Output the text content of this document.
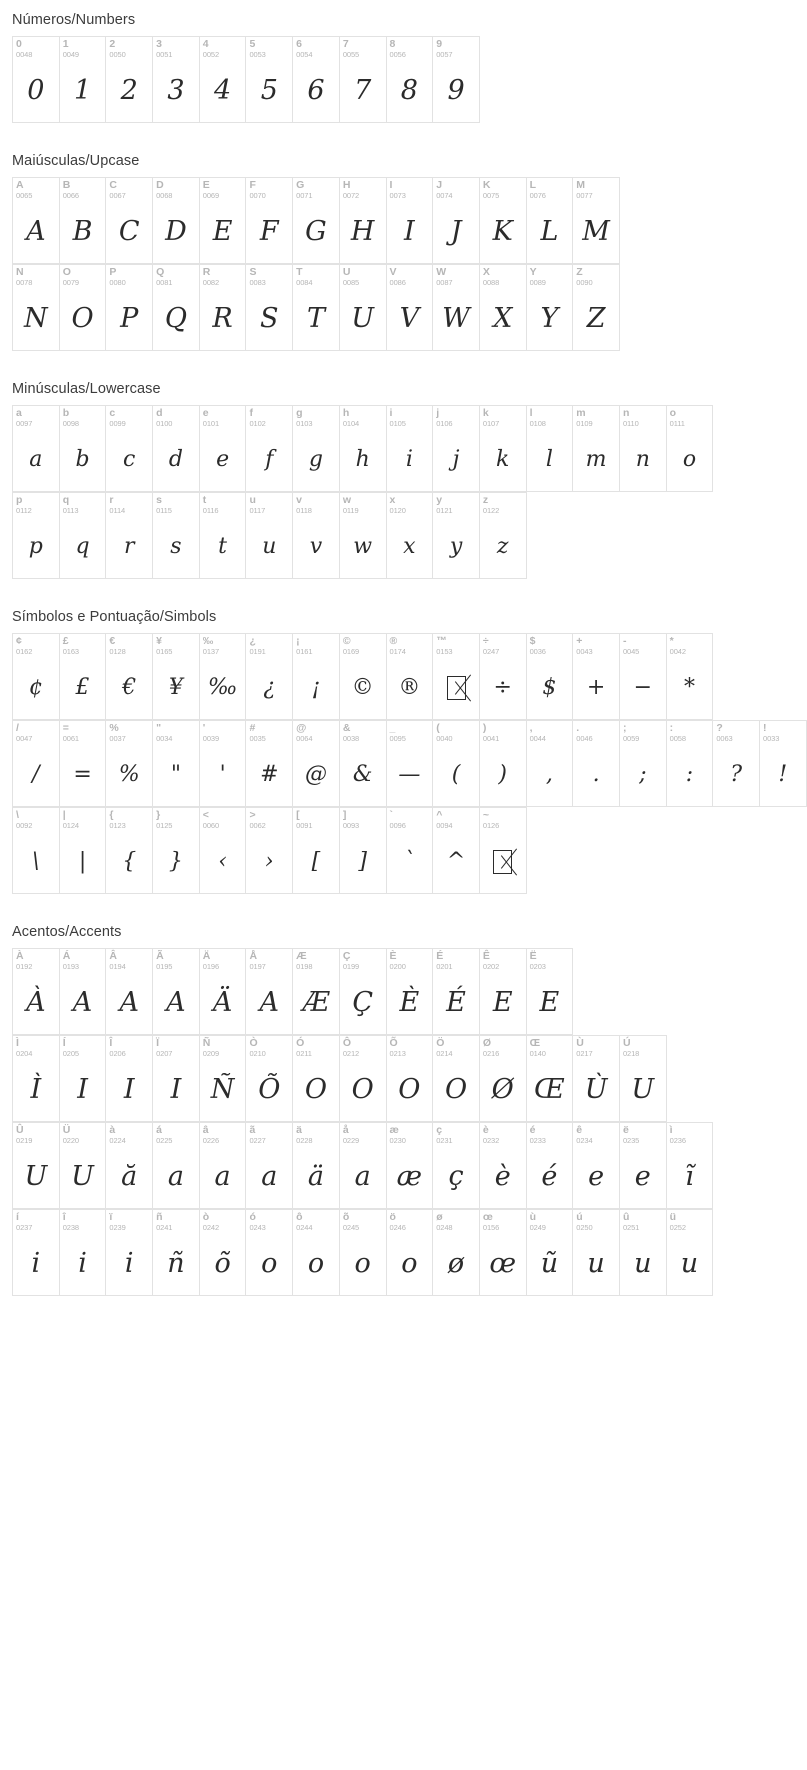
Números/Numbers
0
0048
0
1
0049
1
2
0050
2
3
0051
3
4
0052
4
5
0053
5
6
0054
6
7
0055
7
8
0056
8
9
0057
9
Maiúsculas/Upcase
A
0065
A
B
0066
B
C
0067
C
D
0068
D
E
0069
E
F
0070
F
G
0071
G
H
0072
H
I
0073
I
J
0074
J
K
0075
K
L
0076
L
M
0077
M
N
0078
N
O
0079
O
P
0080
P
Q
0081
Q
R
0082
R
S
0083
S
T
0084
T
U
0085
U
V
0086
V
W
0087
W
X
0088
X
Y
0089
Y
Z
0090
Z
Minúsculas/Lowercase
a
0097
a
b
0098
b
c
0099
c
d
0100
d
e
0101
e
f
0102
f
g
0103
g
h
0104
h
i
0105
i
j
0106
j
k
0107
k
l
0108
l
m
0109
m
n
0110
n
o
0111
o
p
0112
p
q
0113
q
r
0114
r
s
0115
s
t
0116
t
u
0117
u
v
0118
v
w
0119
w
x
0120
x
y
0121
y
z
0122
z
Símbolos e Pontuação/Simbols
¢
0162
¢
£
0163
£
€
0128
€
¥
0165
¥
‰
0137
‰
¿
0191
¿
¡
0161
¡
©
0169
©
®
0174
®
™
0153
÷
0247
÷
$
0036
$
+
0043
+
-
0045
−
*
0042
*
/
0047
/
=
0061
=
%
0037
%
"
0034
"
'
0039
'
#
0035
#
@
0064
@
&
0038
&
_
0095
—
(
0040
(
)
0041
)
,
0044
,
.
0046
.
;
0059
;
:
0058
:
?
0063
?
!
0033
!
\
0092
\
|
0124
|
{
0123
{
}
0125
}
<
0060
‹
>
0062
›
[
0091
[
]
0093
]
`
0096
`
^
0094
^
~
0126
Acentos/Accents
À
0192
À
Á
0193
A
Â
0194
A
Ã
0195
A
Ä
0196
Ä
Å
0197
A
Æ
0198
Æ
Ç
0199
Ç
È
0200
È
É
0201
É
Ê
0202
E
Ë
0203
E
Ì
0204
Ì
Í
0205
I
Î
0206
I
Ï
0207
I
Ñ
0209
Ñ
Ò
0210
Õ
Ó
0211
O
Ô
0212
O
Õ
0213
O
Ö
0214
O
Ø
0216
Ø
Œ
0140
Œ
Ù
0217
Ù
Ú
0218
U
Û
0219
U
Ü
0220
U
à
0224
ă
á
0225
a
â
0226
a
ã
0227
a
ä
0228
ä
å
0229
a
æ
0230
æ
ç
0231
ç
è
0232
è
é
0233
é
ê
0234
e
ë
0235
e
ì
0236
ĩ
í
0237
i
î
0238
i
ï
0239
i
ñ
0241
ñ
ò
0242
õ
ó
0243
o
ô
0244
o
õ
0245
o
ö
0246
o
ø
0248
ø
œ
0156
œ
ù
0249
ũ
ú
0250
u
û
0251
u
ü
0252
u
